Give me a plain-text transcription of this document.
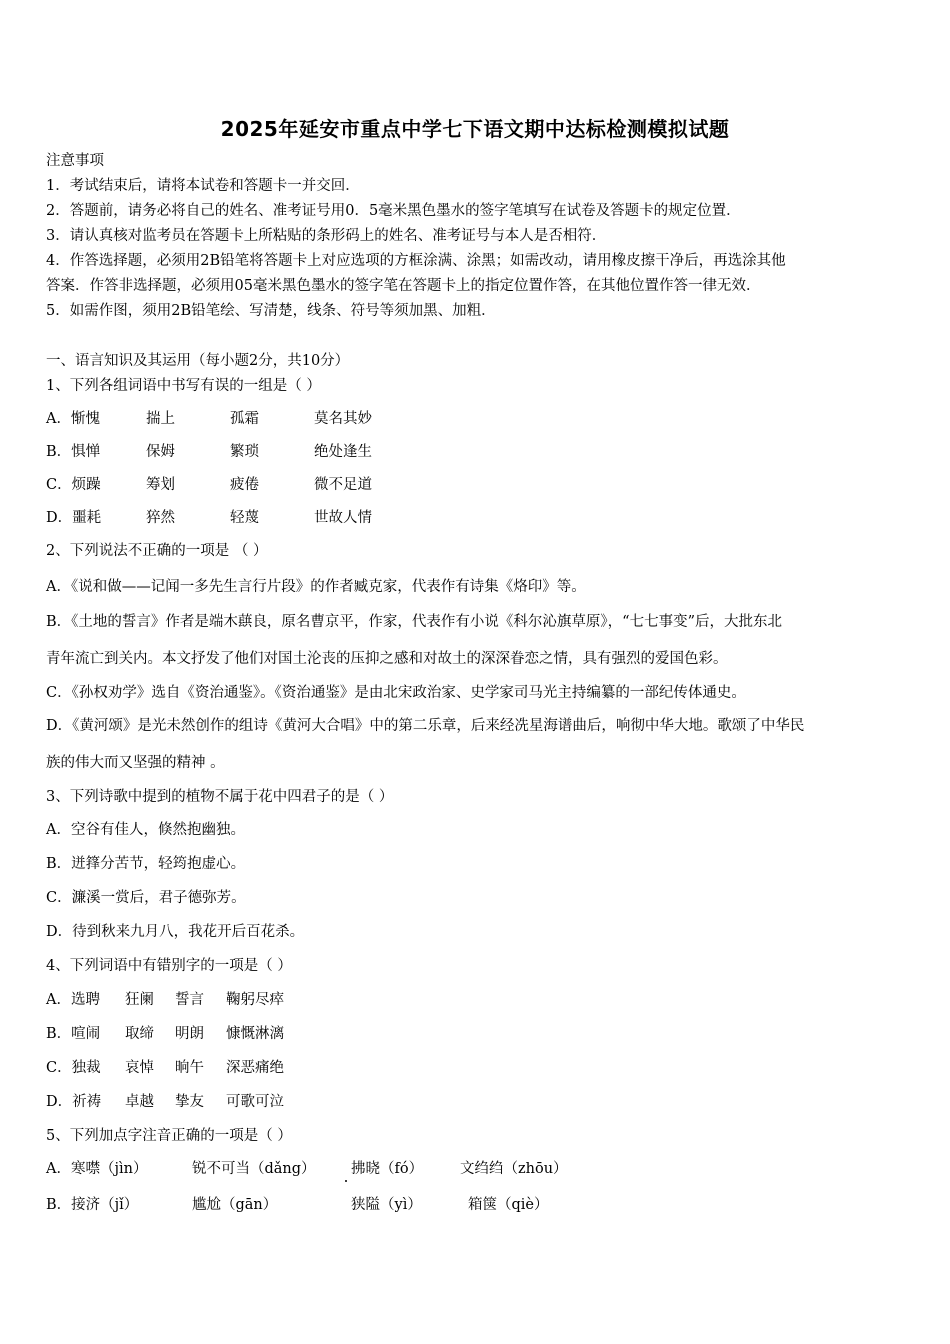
2025年延安市重点中学七下语文期中达标检测模拟试题
注意事项
1．考试结束后，请将本试卷和答题卡一并交回．
2．答题前，请务必将自己的姓名、准考证号用0．5毫米黑色墨水的签字笔填写在试卷及答题卡的规定位置．
3．请认真核对监考员在答题卡上所粘贴的条形码上的姓名、准考证号与本人是否相符．
4．作答选择题，必须用2B铅笔将答题卡上对应选项的方框涂满、涂黑；如需改动，请用橡皮擦干净后，再选涂其他
答案．作答非选择题，必须用05毫米黑色墨水的签字笔在答题卡上的指定位置作答，在其他位置作答一律无效．
5．如需作图，须用2B铅笔绘、写清楚，线条、符号等须加黑、加粗．
一、语言知识及其运用（每小题2分，共10分）
1、下列各组词语中书写有误的一组是（ ）
A．惭愧	揣上	孤霜	莫名其妙
B．惧惮	保姆	繁琐	绝处逢生
C．烦躁	筹划	疲倦	微不足道
D．噩耗	猝然	轻蔑	世故人情
2、下列说法不正确的一项是 （ ）
A．《说和做——记闻一多先生言行片段》的作者臧克家，代表作有诗集《烙印》等。
B．《土地的誓言》作者是端木蕻良，原名曹京平，作家，代表作有小说《科尔沁旗草原》，“七七事变”后，大批东北
青年流亡到关内。本文抒发了他们对国土沦丧的压抑之感和对故土的深深眷恋之情，具有强烈的爱国色彩。
C．《孙权劝学》选自《资治通鉴》。《资治通鉴》是由北宋政治家、史学家司马光主持编纂的一部纪传体通史。
D．《黄河颂》是光未然创作的组诗《黄河大合唱》中的第二乐章，后来经冼星海谱曲后，响彻中华大地。歌颂了中华民
族的伟大而又坚强的精神 。
3、下列诗歌中提到的植物不属于花中四君子的是（ ）
A．空谷有佳人，倏然抱幽独。
B．迸箨分苦节，轻筠抱虚心。
C．濂溪一赏后，君子德弥芳。
D．待到秋来九月八，我花开后百花杀。
4、下列词语中有错别字的一项是（ ）
A．选聘 狂阑 誓言 鞠躬尽瘁
B．喧闹 取缔 明朗 慷慨淋漓
C．独裁 哀悼 晌午 深恶痛绝
D．祈祷 卓越 挚友 可歌可泣
5、下列加点字注音正确的一项是（ ）
A．寒噤（jìn）	锐不可当（dǎng） 拂晓（fó）	文绉绉（zhōu）
B．接济（jǐ）	尴尬（gān）	狭隘（yì）	箱箧（qiè）
